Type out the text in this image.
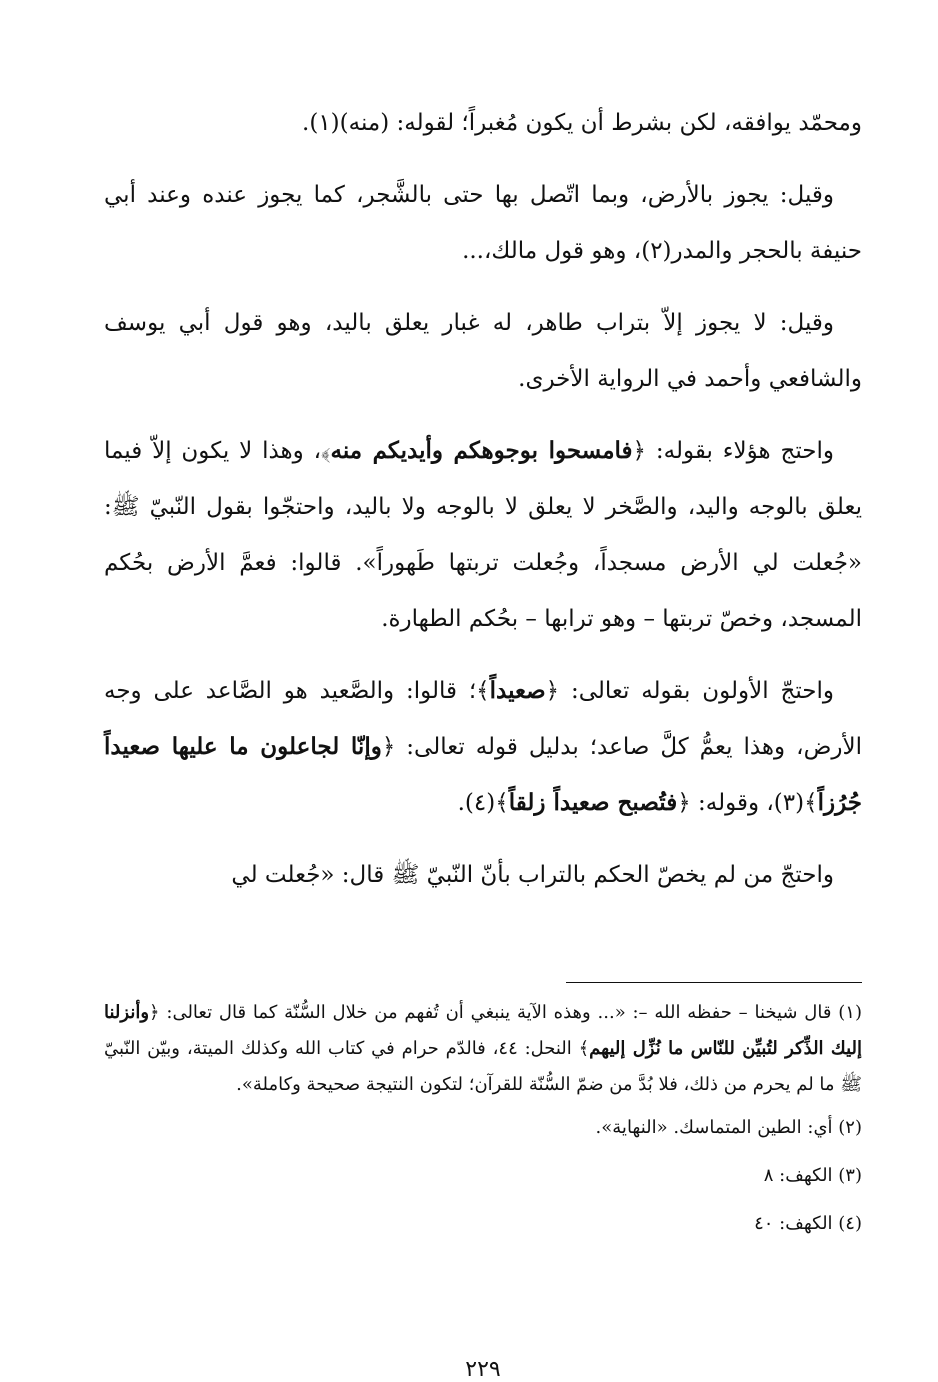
ومحمّد يوافقه، لكن بشرط أن يكون مُغبراً؛ لقوله: (منه)(١).

وقيل: يجوز بالأرض، وبما اتّصل بها حتى بالشَّجر، كما يجوز عنده وعند أبي حنيفة بالحجر والمدر(٢)، وهو قول مالك،...

وقيل: لا يجوز إلاّ بتراب طاهر، له غبار يعلق باليد، وهو قول أبي يوسف والشافعي وأحمد في الرواية الأخرى.

واحتج هؤلاء بقوله: ﴿فامسحوا بوجوهكم وأيديكم منه﴾، وهذا لا يكون إلاّ فيما يعلق بالوجه واليد، والصَّخر لا يعلق لا بالوجه ولا باليد، واحتجّوا بقول النّبيّ ﷺ: «جُعلت لي الأرض مسجداً، وجُعلت تربتها طَهوراً». قالوا: فعمَّ الأرض بحُكم المسجد، وخصّ تربتها – وهو ترابها – بحُكم الطهارة.

واحتجّ الأولون بقوله تعالى: ﴿صعيداً﴾؛ قالوا: والصَّعيد هو الصَّاعد على وجه الأرض، وهذا يعمُّ كلَّ صاعد؛ بدليل قوله تعالى: ﴿وإنّا لجاعلون ما عليها صعيداً جُرُزاً﴾(٣)، وقوله: ﴿فتُصبح صعيداً زلقاً﴾(٤).

واحتجّ من لم يخصّ الحكم بالتراب بأنّ النّبيّ ﷺ قال: «جُعلت لي

(١) قال شيخنا – حفظه الله –: «... وهذه الآية ينبغي أن تُفهم من خلال السُّنّة كما قال تعالى: ﴿وأنزلنا إليك الذِّكر لتُبيِّن للنّاس ما نُزِّل إليهم﴾ النحل: ٤٤، فالدّم حرام في كتاب الله وكذلك الميتة، وبيّن النّبيّ ﷺ ما لم يحرم من ذلك، فلا بُدَّ من ضمّ السُّنّة للقرآن؛ لتكون النتيجة صحيحة وكاملة».

(٢) أي: الطين المتماسك. «النهاية».

(٣) الكهف: ٨

(٤) الكهف: ٤٠

٢٢٩
